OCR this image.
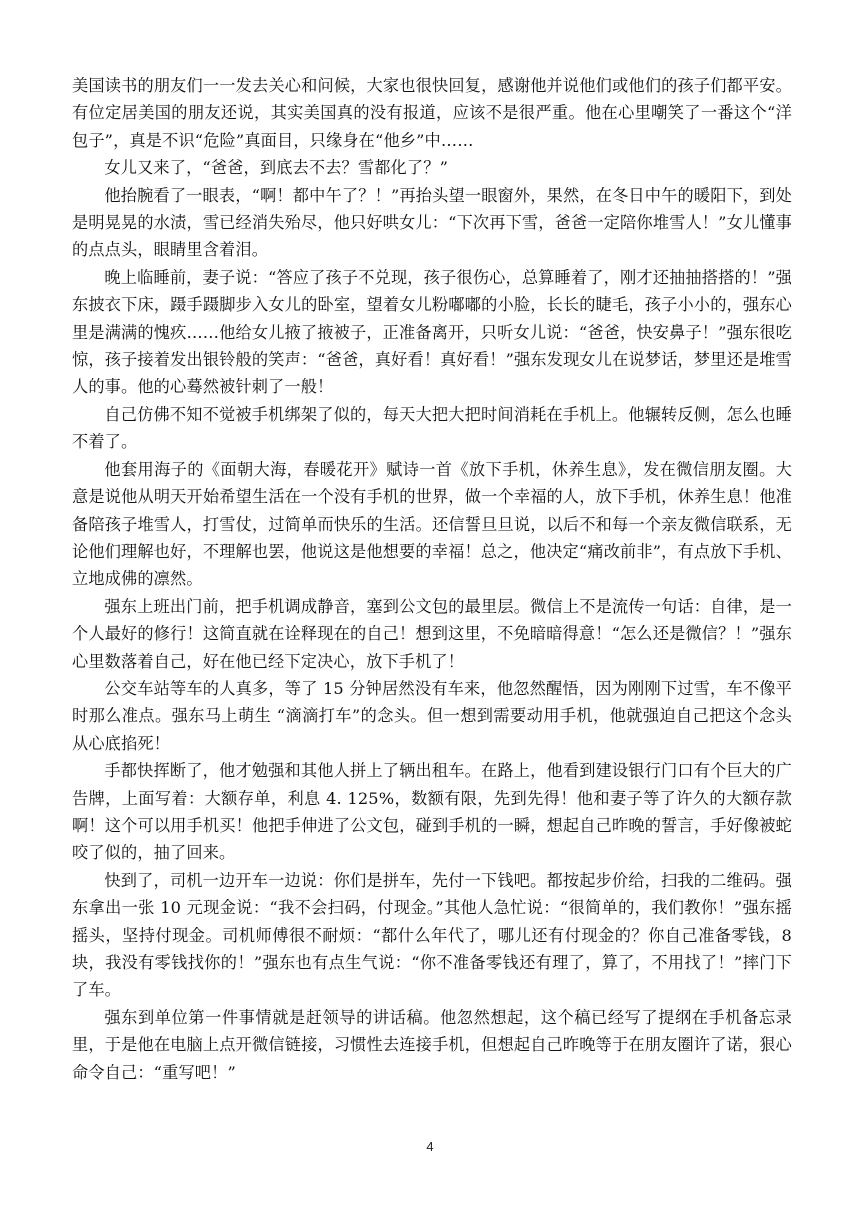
美国读书的朋友们一一发去关心和问候，大家也很快回复，感谢他并说他们或他们的孩子们都平安。有位定居美国的朋友还说，其实美国真的没有报道，应该不是很严重。他在心里嘲笑了一番这个“洋包子”，真是不识“危险”真面目，只缘身在“他乡”中……

女儿又来了，“爸爸，到底去不去？雪都化了？”

他抬腕看了一眼表，“啊！都中午了？！”再抬头望一眼窗外，果然，在冬日中午的暖阳下，到处是明晃晃的水渍，雪已经消失殆尽，他只好哄女儿：“下次再下雪，爸爸一定陪你堆雪人！”女儿懂事的点点头，眼睛里含着泪。

晚上临睡前，妻子说：“答应了孩子不兑现，孩子很伤心，总算睡着了，刚才还抽抽搭搭的！”强东披衣下床，蹑手蹑脚步入女儿的卧室，望着女儿粉嘟嘟的小脸，长长的睫毛，孩子小小的，强东心里是满满的愧疚……他给女儿掖了掖被子，正准备离开，只听女儿说：“爸爸，快安鼻子！”强东很吃惊，孩子接着发出银铃般的笑声：“爸爸，真好看！真好看！”强东发现女儿在说梦话，梦里还是堆雪人的事。他的心蓦然被针刺了一般！

自己仿佛不知不觉被手机绑架了似的，每天大把大把时间消耗在手机上。他辗转反侧，怎么也睡不着了。

他套用海子的《面朝大海，春暖花开》赋诗一首《放下手机，休养生息》，发在微信朋友圈。大意是说他从明天开始希望生活在一个没有手机的世界，做一个幸福的人，放下手机，休养生息！他准备陪孩子堆雪人，打雪仗，过简单而快乐的生活。还信誓旦旦说，以后不和每一个亲友微信联系，无论他们理解也好，不理解也罢，他说这是他想要的幸福！总之，他决定“痛改前非”，有点放下手机、立地成佛的凛然。

强东上班出门前，把手机调成静音，塞到公文包的最里层。微信上不是流传一句话：自律，是一个人最好的修行！这简直就在诠释现在的自己！想到这里，不免暗暗得意！“怎么还是微信？！”强东心里数落着自己，好在他已经下定决心，放下手机了！

公交车站等车的人真多，等了 15 分钟居然没有车来，他忽然醒悟，因为刚刚下过雪，车不像平时那么准点。强东马上萌生 “滴滴打车”的念头。但一想到需要动用手机，他就强迫自己把这个念头从心底掐死！

手都快挥断了，他才勉强和其他人拼上了辆出租车。在路上，他看到建设银行门口有个巨大的广告牌，上面写着：大额存单，利息 4. 125%，数额有限，先到先得！他和妻子等了许久的大额存款啊！这个可以用手机买！他把手伸进了公文包，碰到手机的一瞬，想起自己昨晚的誓言，手好像被蛇咬了似的，抽了回来。

快到了，司机一边开车一边说：你们是拼车，先付一下钱吧。都按起步价给，扫我的二维码。强东拿出一张 10 元现金说：“我不会扫码，付现金。”其他人急忙说：“很简单的，我们教你！”强东摇摇头，坚持付现金。司机师傅很不耐烦：“都什么年代了，哪儿还有付现金的？你自己准备零钱，8 块，我没有零钱找你的！”强东也有点生气说：“你不准备零钱还有理了，算了，不用找了！”摔门下了车。

强东到单位第一件事情就是赶领导的讲话稿。他忽然想起，这个稿已经写了提纲在手机备忘录里，于是他在电脑上点开微信链接，习惯性去连接手机，但想起自己昨晚等于在朋友圈许了诺，狠心命令自己：“重写吧！”

4
